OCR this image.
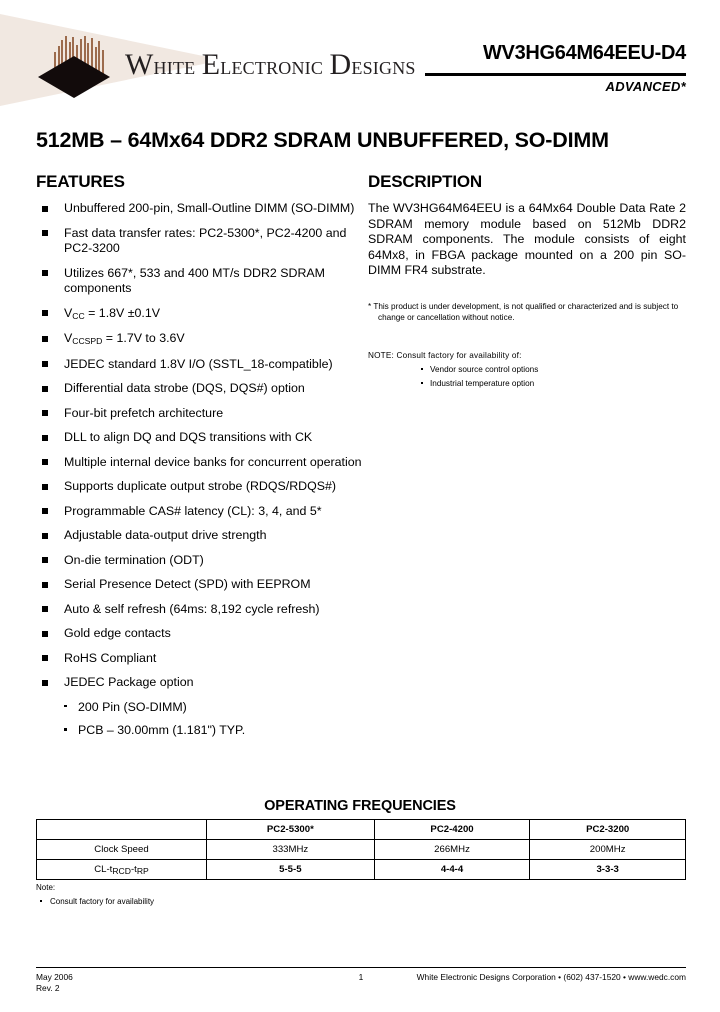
White Electronic Designs	WV3HG64M64EEU-D4
ADVANCED*
512MB – 64Mx64 DDR2 SDRAM UNBUFFERED, SO-DIMM
FEATURES
Unbuffered 200-pin, Small-Outline DIMM (SO-DIMM)
Fast data transfer rates: PC2-5300*, PC2-4200 and PC2-3200
Utilizes 667*, 533 and 400 MT/s DDR2 SDRAM components
$V_{CC} = 1.8V \pm 0.1V$
$V_{CCSPD} = 1.7V$ to 3.6V
JEDEC standard 1.8V I/O (SSTL_18-compatible)
Differential data strobe (DQS, DQS#) option
Four-bit prefetch architecture
DLL to align DQ and DQS transitions with CK
Multiple internal device banks for concurrent operation
Supports duplicate output strobe (RDQS/RDQS#)
Programmable CAS# latency (CL): 3, 4, and 5*
Adjustable data-output drive strength
On-die termination (ODT)
Serial Presence Detect (SPD) with EEPROM
Auto & self refresh (64ms: 8,192 cycle refresh)
Gold edge contacts
RoHS Compliant
JEDEC Package option
200 Pin (SO-DIMM)
PCB – 30.00mm (1.181") TYP.
DESCRIPTION
The WV3HG64M64EEU is a 64Mx64 Double Data Rate 2 SDRAM memory module based on 512Mb DDR2 SDRAM components. The module consists of eight 64Mx8, in FBGA package mounted on a 200 pin SO-DIMM FR4 substrate.
* This product is under development, is not qualified or characterized and is subject to
change or cancellation without notice.
NOTE: Consult factory for availability of:
Vendor source control options
Industrial temperature option
OPERATING FREQUENCIES
	PC2-5300*	PC2-4200	PC2-3200
Clock Speed	333MHz	266MHz	200MHz
$CL-t_{RCD}-t_{RP}$	5-5-5	4-4-4	3-3-3
Note:
Consult factory for availability
May 2006
Rev. 2
1	White Electronic Designs Corporation • (602) 437-1520 • www.wedc.com
